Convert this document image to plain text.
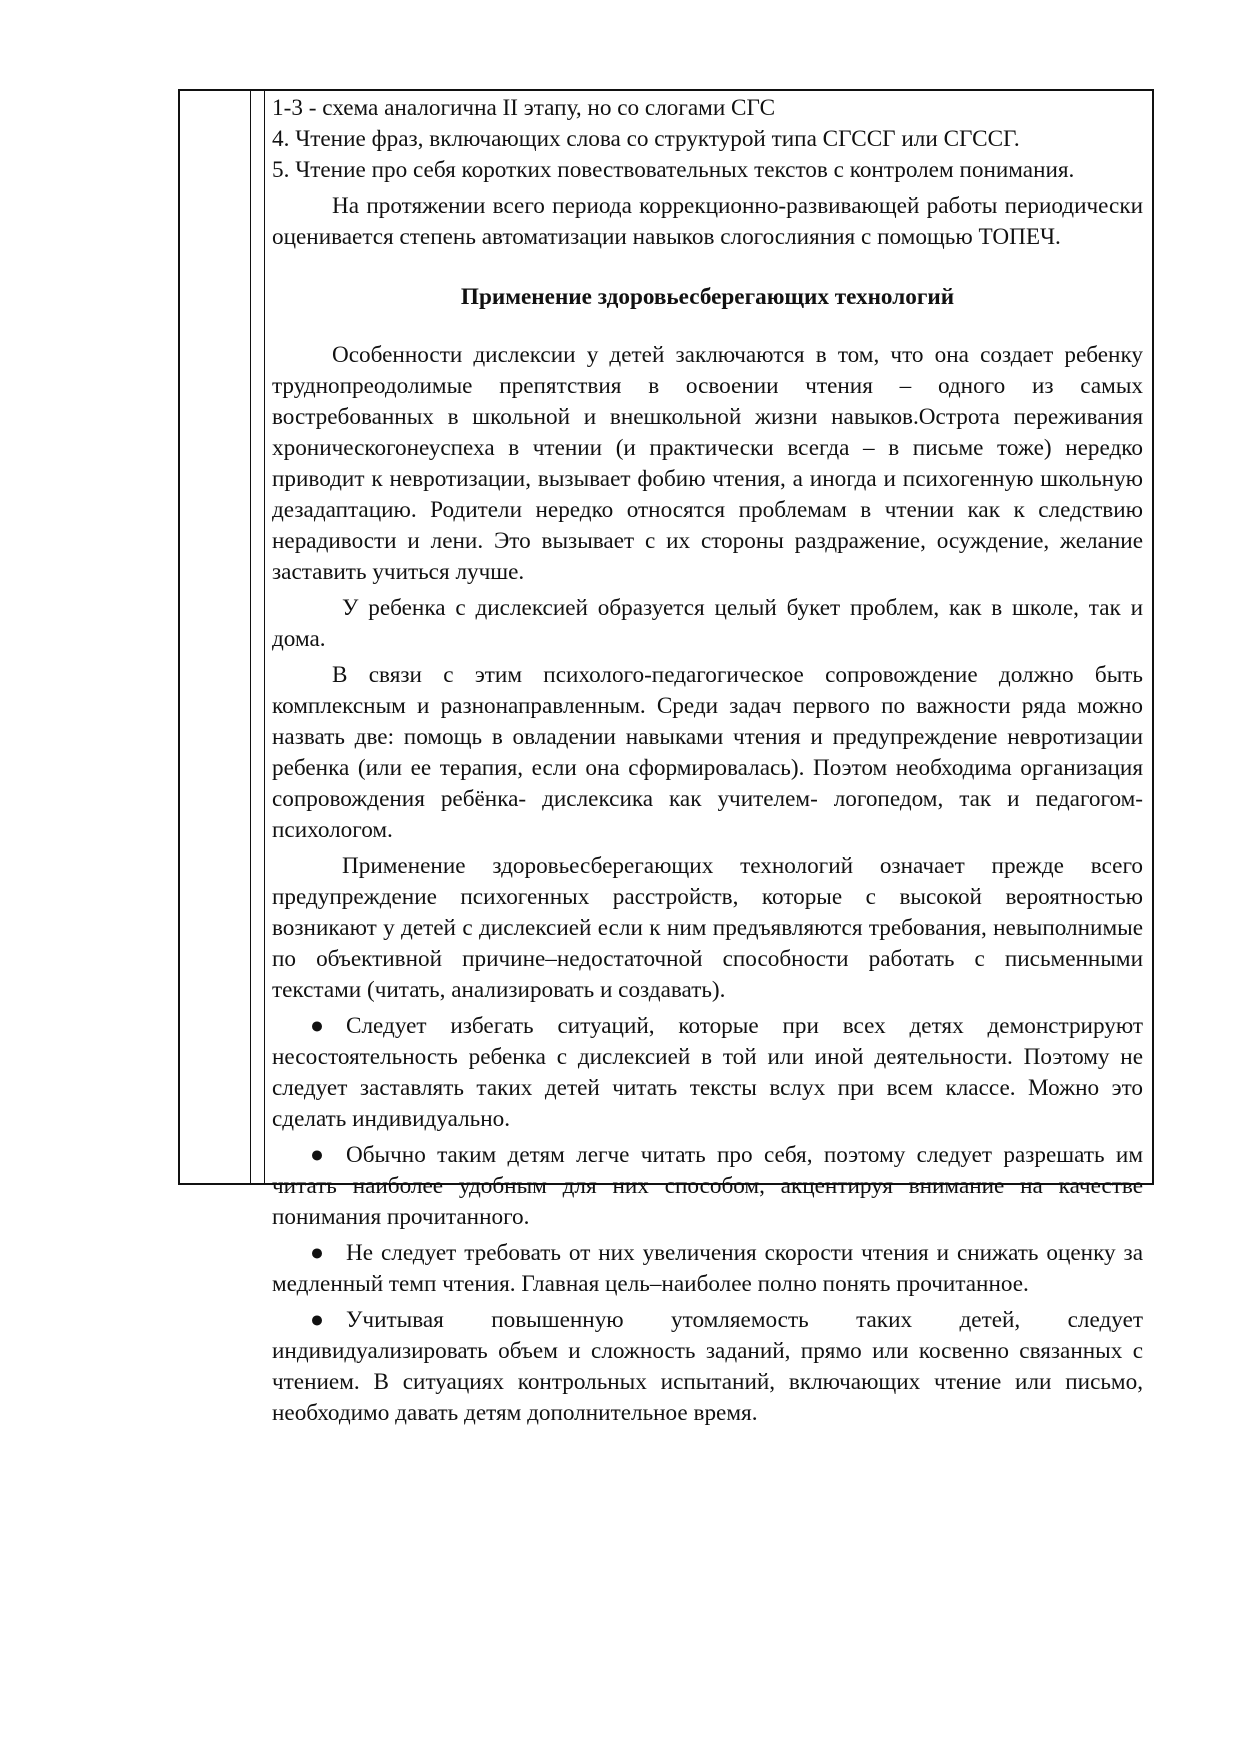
1-3 - схема аналогична II этапу, но со слогами СГС

4. Чтение фраз, включающих слова со структурой типа СГССГ или СГССГ.

5. Чтение про себя коротких повествовательных текстов с контролем понимания.

На протяжении всего периода коррекционно-развивающей работы периодически оценивается степень автоматизации навыков слогослияния с помощью ТОПЕЧ.

Применение здоровьесберегающих технологий

Особенности дислексии у детей заключаются в том, что она создает ребенку труднопреодолимые препятствия в освоении чтения – одного из самых востребованных в школьной и внешкольной жизни навыков.Острота переживания хроническогонеуспеха в чтении (и практически всегда – в письме тоже) нередко приводит к невротизации, вызывает фобию чтения, а иногда и психогенную школьную дезадаптацию. Родители нередко относятся проблемам в чтении как к следствию нерадивости и лени. Это вызывает с их стороны раздражение, осуждение, желание заставить учиться лучше.

У ребенка с дислексией образуется целый букет проблем, как в школе, так и дома.

В связи с этим психолого-педагогическое сопровождение должно быть комплексным и разнонаправленным. Среди задач первого по важности ряда можно назвать две: помощь в овладении навыками чтения и предупреждение невротизации ребенка (или ее терапия, если она сформировалась). Поэтом необходима организация сопровождения ребёнка- дислексика как учителем- логопедом, так и педагогом-психологом.

Применение здоровьесберегающих технологий означает прежде всего предупреждение психогенных расстройств, которые с высокой вероятностью возникают у детей с дислексией если к ним предъявляются требования, невыполнимые по объективной причине–недостаточной способности работать с письменными текстами (читать, анализировать и создавать).

● Следует избегать ситуаций, которые при всех детях демонстрируют несостоятельность ребенка с дислексией в той или иной деятельности. Поэтому не следует заставлять таких детей читать тексты вслух при всем классе. Можно это сделать индивидуально.

● Обычно таким детям легче читать про себя, поэтому следует разрешать им читать наиболее удобным для них способом, акцентируя внимание на качестве понимания прочитанного.

● Не следует требовать от них увеличения скорости чтения и снижать оценку за медленный темп чтения. Главная цель–наиболее полно понять прочитанное.

● Учитывая повышенную утомляемость таких детей, следует индивидуализировать объем и сложность заданий, прямо или косвенно связанных с чтением. В ситуациях контрольных испытаний, включающих чтение или письмо, необходимо давать детям дополнительное время.
